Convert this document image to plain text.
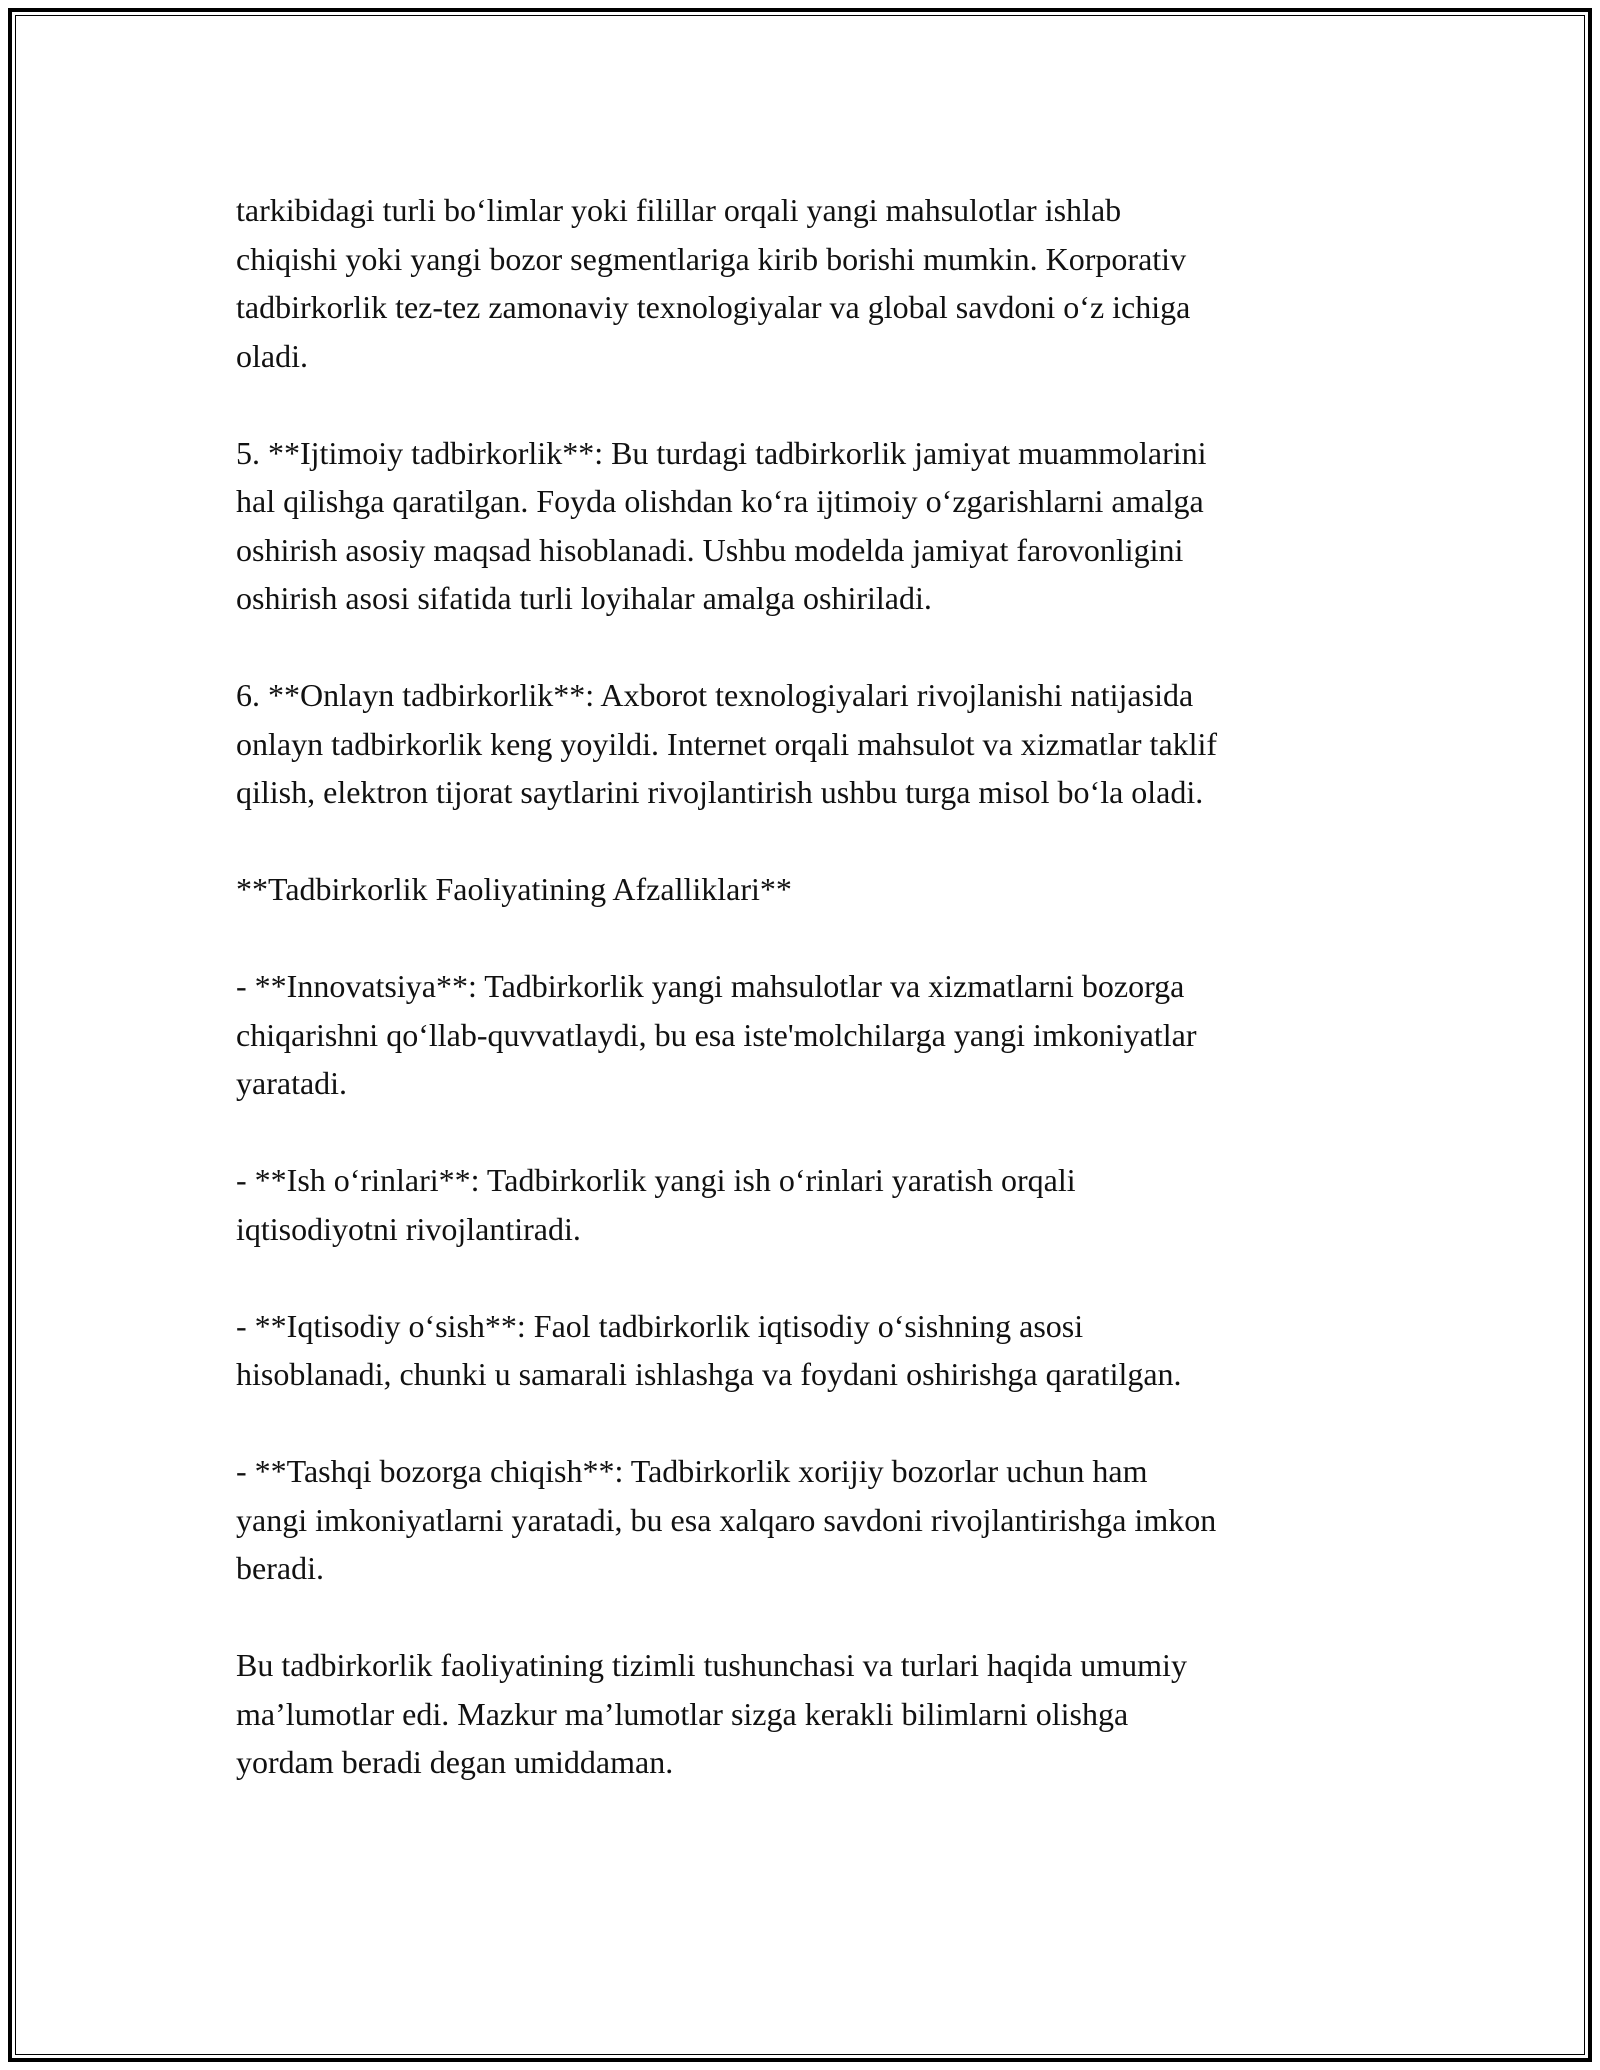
tarkibidagi turli bo‘limlar yoki filillar orqali yangi mahsulotlar ishlab
chiqishi yoki yangi bozor segmentlariga kirib borishi mumkin. Korporativ
tadbirkorlik tez-tez zamonaviy texnologiyalar va global savdoni o‘z ichiga
oladi.

5. **Ijtimoiy tadbirkorlik**: Bu turdagi tadbirkorlik jamiyat muammolarini
hal qilishga qaratilgan. Foyda olishdan ko‘ra ijtimoiy o‘zgarishlarni amalga
oshirish asosiy maqsad hisoblanadi. Ushbu modelda jamiyat farovonligini
oshirish asosi sifatida turli loyihalar amalga oshiriladi.

6. **Onlayn tadbirkorlik**: Axborot texnologiyalari rivojlanishi natijasida
onlayn tadbirkorlik keng yoyildi. Internet orqali mahsulot va xizmatlar taklif
qilish, elektron tijorat saytlarini rivojlantirish ushbu turga misol bo‘la oladi.

**Tadbirkorlik Faoliyatining Afzalliklari**

- **Innovatsiya**: Tadbirkorlik yangi mahsulotlar va xizmatlarni bozorga
chiqarishni qo‘llab-quvvatlaydi, bu esa iste'molchilarga yangi imkoniyatlar
yaratadi.

- **Ish o‘rinlari**: Tadbirkorlik yangi ish o‘rinlari yaratish orqali
iqtisodiyotni rivojlantiradi.

- **Iqtisodiy o‘sish**: Faol tadbirkorlik iqtisodiy o‘sishning asosi
hisoblanadi, chunki u samarali ishlashga va foydani oshirishga qaratilgan.

- **Tashqi bozorga chiqish**: Tadbirkorlik xorijiy bozorlar uchun ham
yangi imkoniyatlarni yaratadi, bu esa xalqaro savdoni rivojlantirishga imkon
beradi.

Bu tadbirkorlik faoliyatining tizimli tushunchasi va turlari haqida umumiy
ma’lumotlar edi. Mazkur ma’lumotlar sizga kerakli bilimlarni olishga
yordam beradi degan umiddaman.
